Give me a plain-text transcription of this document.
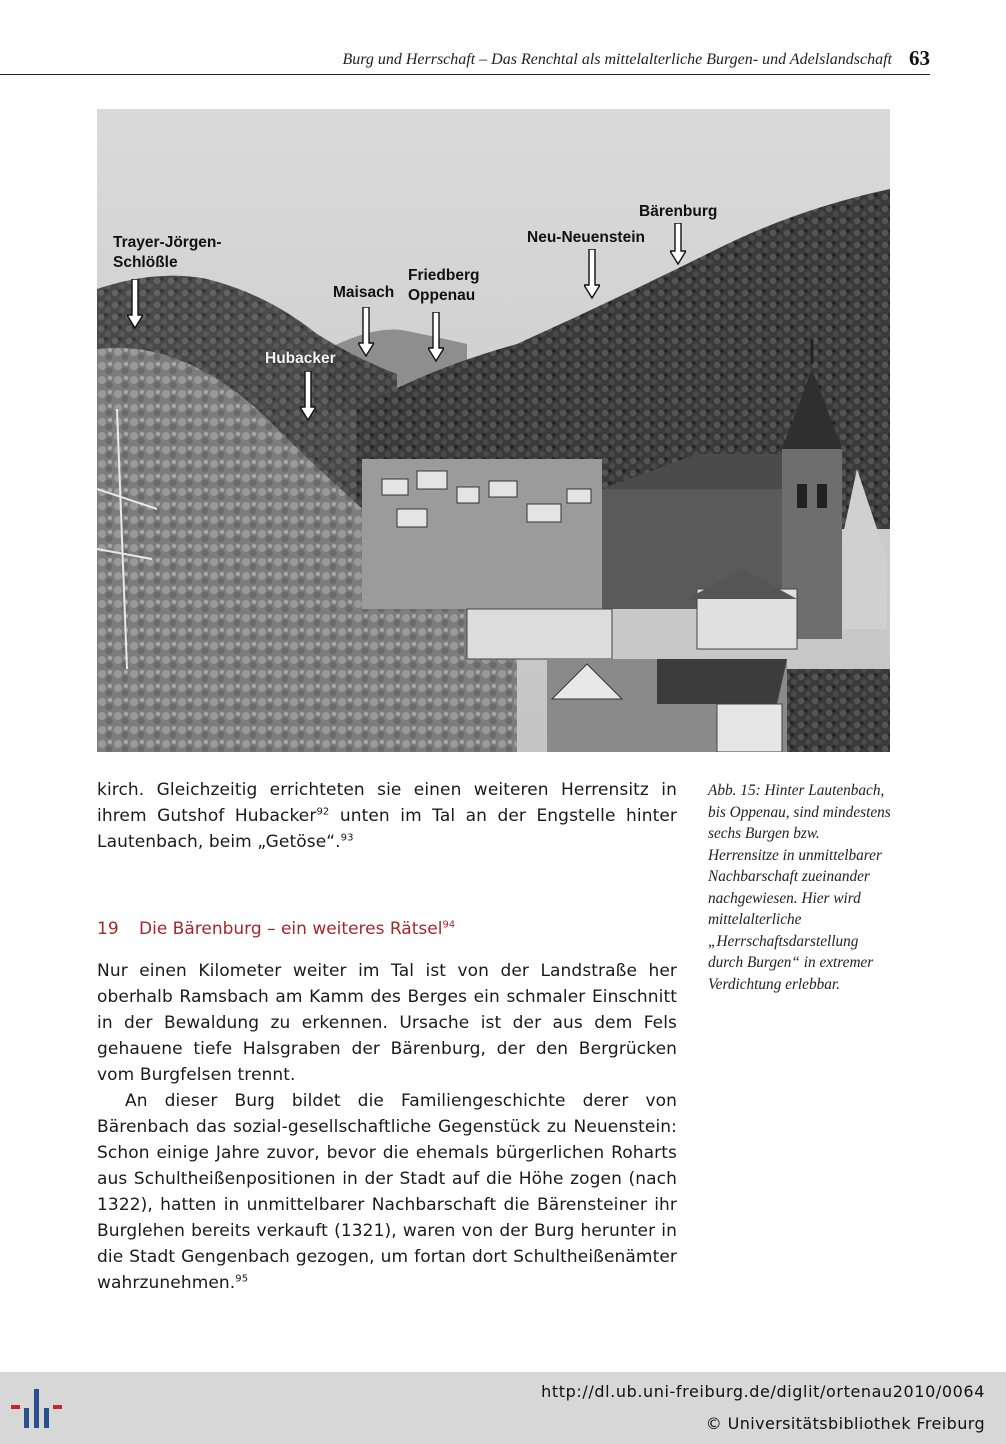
Burg und Herrschaft – Das Renchtal als mittelalterliche Burgen- und Adelslandschaft 63
Trayer-Jörgen-
Schlößle
Maisach
Friedberg
Oppenau
Hubacker
Neu-Neuenstein
Bärenburg
kirch. Gleichzeitig errichteten sie einen weiteren Herrensitz in ihrem Gutshof Hubacker$^{92}$ unten im Tal an der Engstelle hinter Lautenbach, beim „Getöse“.$^{93}$
Abb. 15: Hinter Lautenbach, bis Oppenau, sind mindestens sechs Burgen bzw. Herrensitze in unmittelbarer Nachbarschaft zueinander nachgewiesen. Hier wird mittelalterliche „Herrschaftsdarstellung durch Burgen“ in extremer Verdichtung erlebbar.
19 Die Bärenburg – ein weiteres Rätsel$^{94}$
Nur einen Kilometer weiter im Tal ist von der Landstraße her oberhalb Ramsbach am Kamm des Berges ein schmaler Einschnitt in der Bewaldung zu erkennen. Ursache ist der aus dem Fels gehauene tiefe Halsgraben der Bärenburg, der den Bergrücken vom Burgfelsen trennt.
An dieser Burg bildet die Familiengeschichte derer von Bärenbach das sozial-gesellschaftliche Gegenstück zu Neuenstein: Schon einige Jahre zuvor, bevor die ehemals bürgerlichen Roharts aus Schultheißenpositionen in der Stadt auf die Höhe zogen (nach 1322), hatten in unmittelbarer Nachbarschaft die Bärensteiner ihr Burglehen bereits verkauft (1321), waren von der Burg herunter in die Stadt Gengenbach gezogen, um fortan dort Schultheißenämter wahrzunehmen.$^{95}$
http://dl.ub.uni-freiburg.de/diglit/ortenau2010/0064
© Universitätsbibliothek Freiburg
